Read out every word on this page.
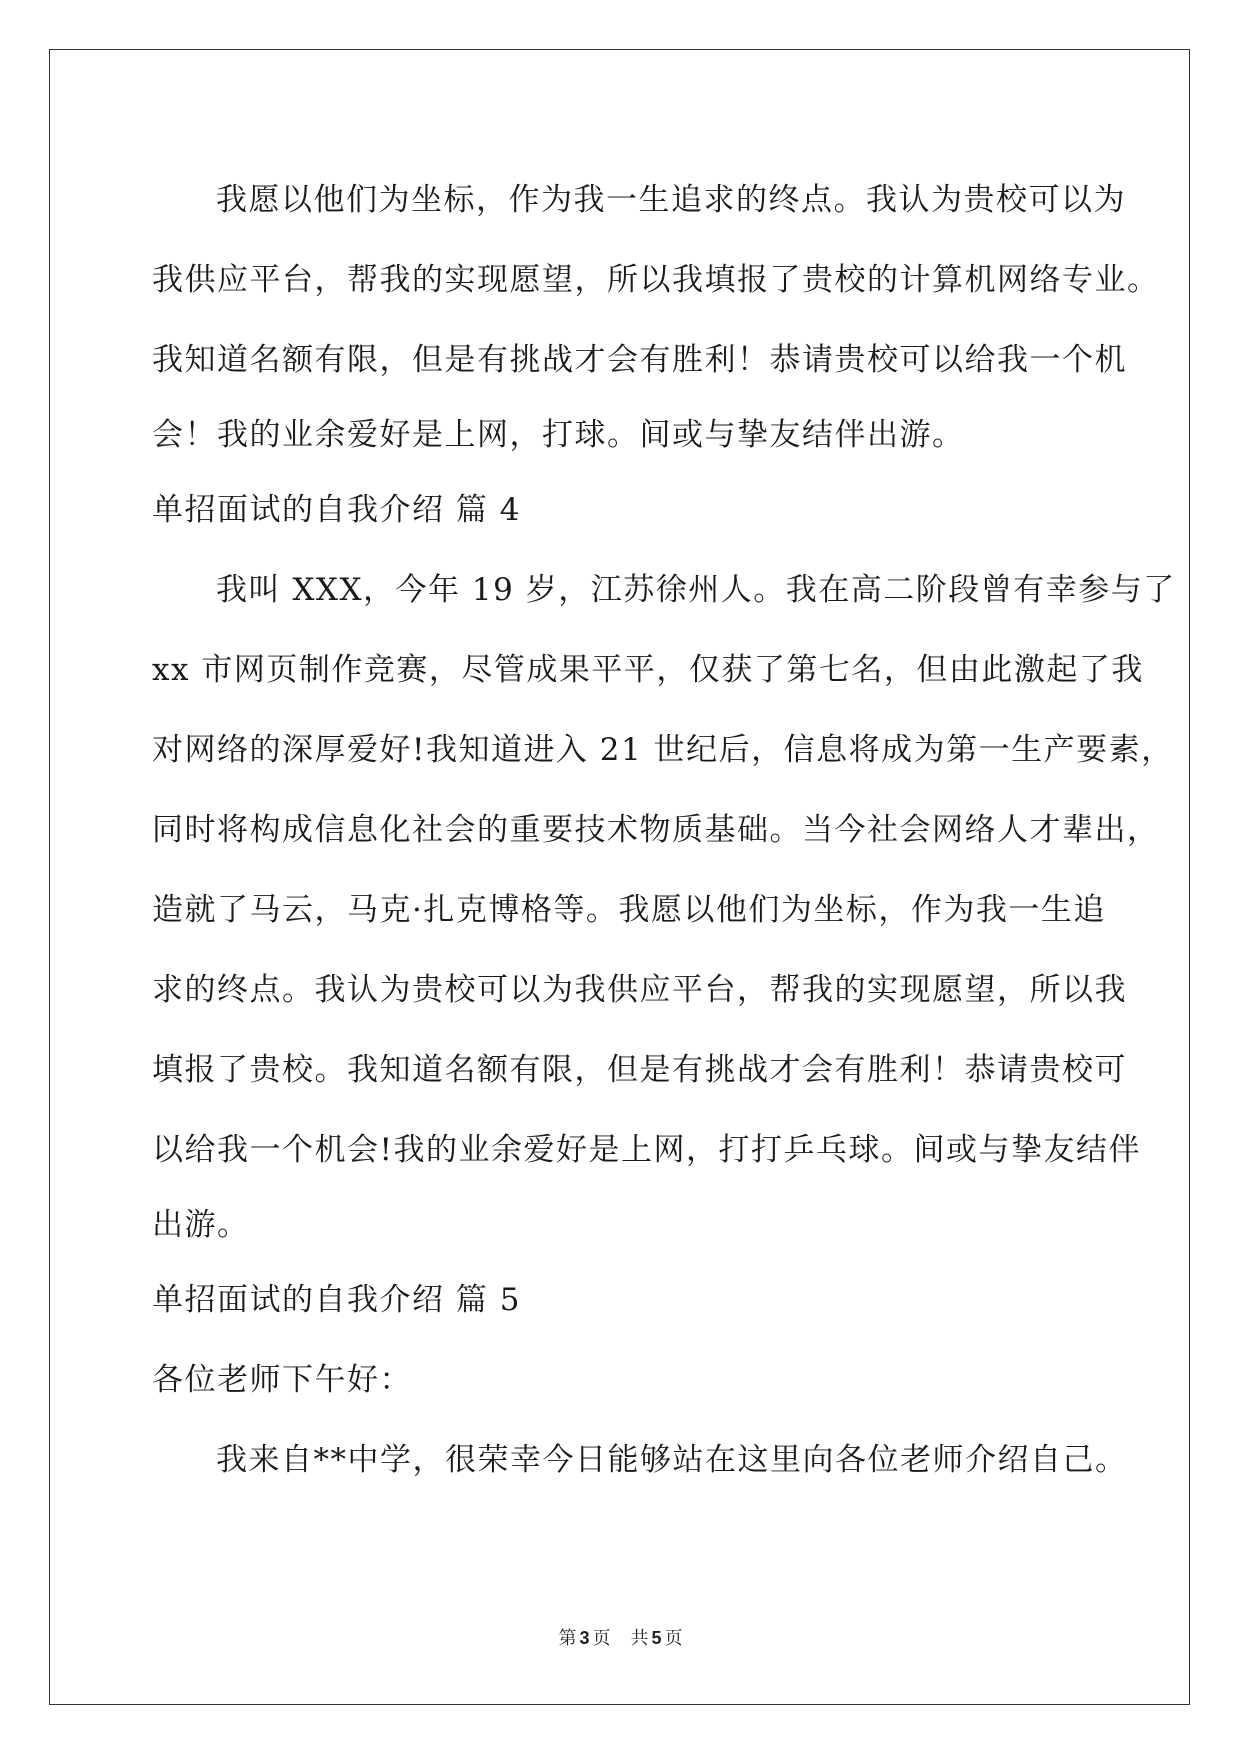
我愿以他们为坐标，作为我一生追求的终点。我认为贵校可以为
我供应平台，帮我的实现愿望，所以我填报了贵校的计算机网络专业。
我知道名额有限，但是有挑战才会有胜利！恭请贵校可以给我一个机
会！我的业余爱好是上网，打球。间或与挚友结伴出游。
单招面试的自我介绍 篇 4
我叫 XXX，今年 19 岁，江苏徐州人。我在高二阶段曾有幸参与了
xx 市网页制作竞赛，尽管成果平平，仅获了第七名，但由此激起了我
对网络的深厚爱好!我知道进入 21 世纪后，信息将成为第一生产要素，
同时将构成信息化社会的重要技术物质基础。当今社会网络人才辈出，
造就了马云，马克·扎克博格等。我愿以他们为坐标，作为我一生追
求的终点。我认为贵校可以为我供应平台，帮我的实现愿望，所以我
填报了贵校。我知道名额有限，但是有挑战才会有胜利！恭请贵校可
以给我一个机会!我的业余爱好是上网，打打乒乓球。间或与挚友结伴
出游。
单招面试的自我介绍 篇 5
各位老师下午好：
我来自**中学，很荣幸今日能够站在这里向各位老师介绍自己。
第 3 页 共 5 页
